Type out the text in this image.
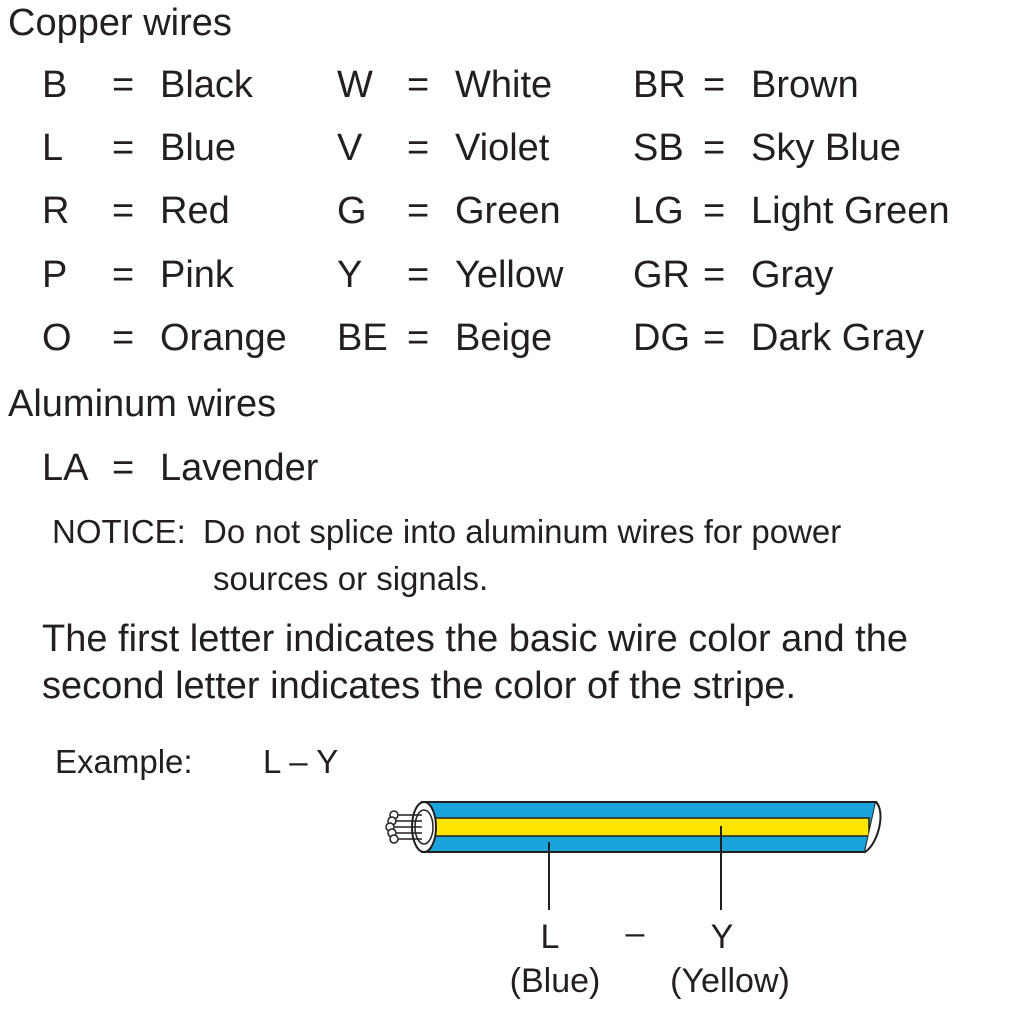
Copper wires
B = Black W = White BR = Brown
L = Blue	V = Violet SB = Sky Blue
R = Red	G = Green LG = Light Green
P = Pink	Y = Yellow GR = Gray
O = Orange BE = Beige DG = Dark Gray
Aluminum wires
LA = Lavender
NOTICE: Do not splice into aluminum wires for power
sources or signals.
The first letter indicates the basic wire color and the
second letter indicates the color of the stripe.
Example: L – Y
L	–	Y
(Blue)	(Yellow)
